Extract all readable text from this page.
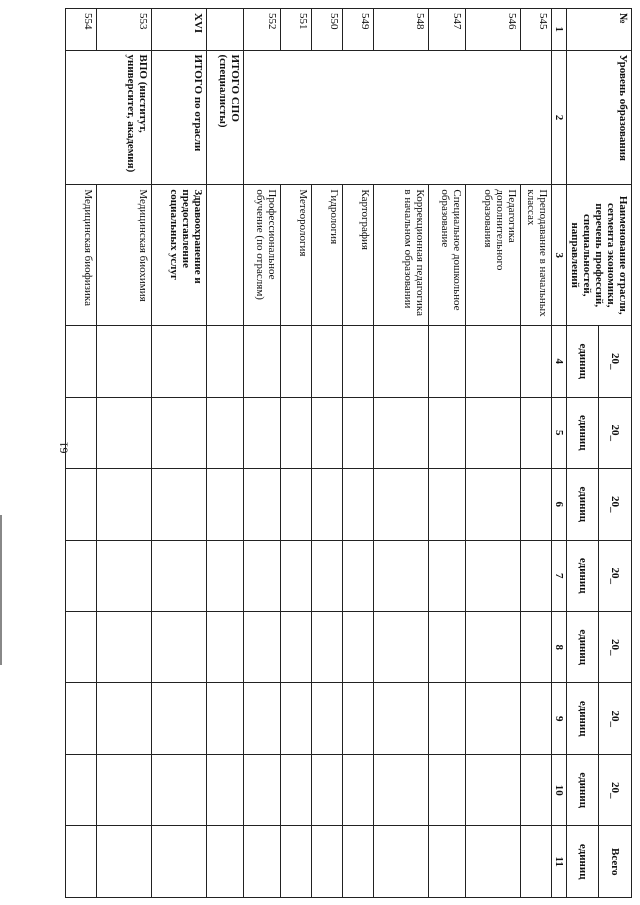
61
№	Уровень образования	Наименование отрасли, сегмента экономики, перечень профессий, специальностей, направлений	20_	20_	20_	20_	20_	20_	20_	Всего
			единиц	единиц	единиц	единиц	единиц	единиц	единиц	единиц
1	2	3	4	5	6	7	8	9	10	11
545		Преподавание в начальных классах								
546		Педагогика дополнительного образования								
547		Специальное дошкольное образование								
548		Коррекционная педагогика в начальном образовании								
549		Картография								
550		Гидрология								
551		Метеорология								
552		Профессиональное обучение (по отраслям)								
	ИТОГО СПО (специалисты)									
XVI	ИТОГО по отрасли	Здравоохранение и предоставление социальных услуг								
553	ВПО (институт, университет, академия)	Медицинская биохимия								
554		Медицинская биофизика								
